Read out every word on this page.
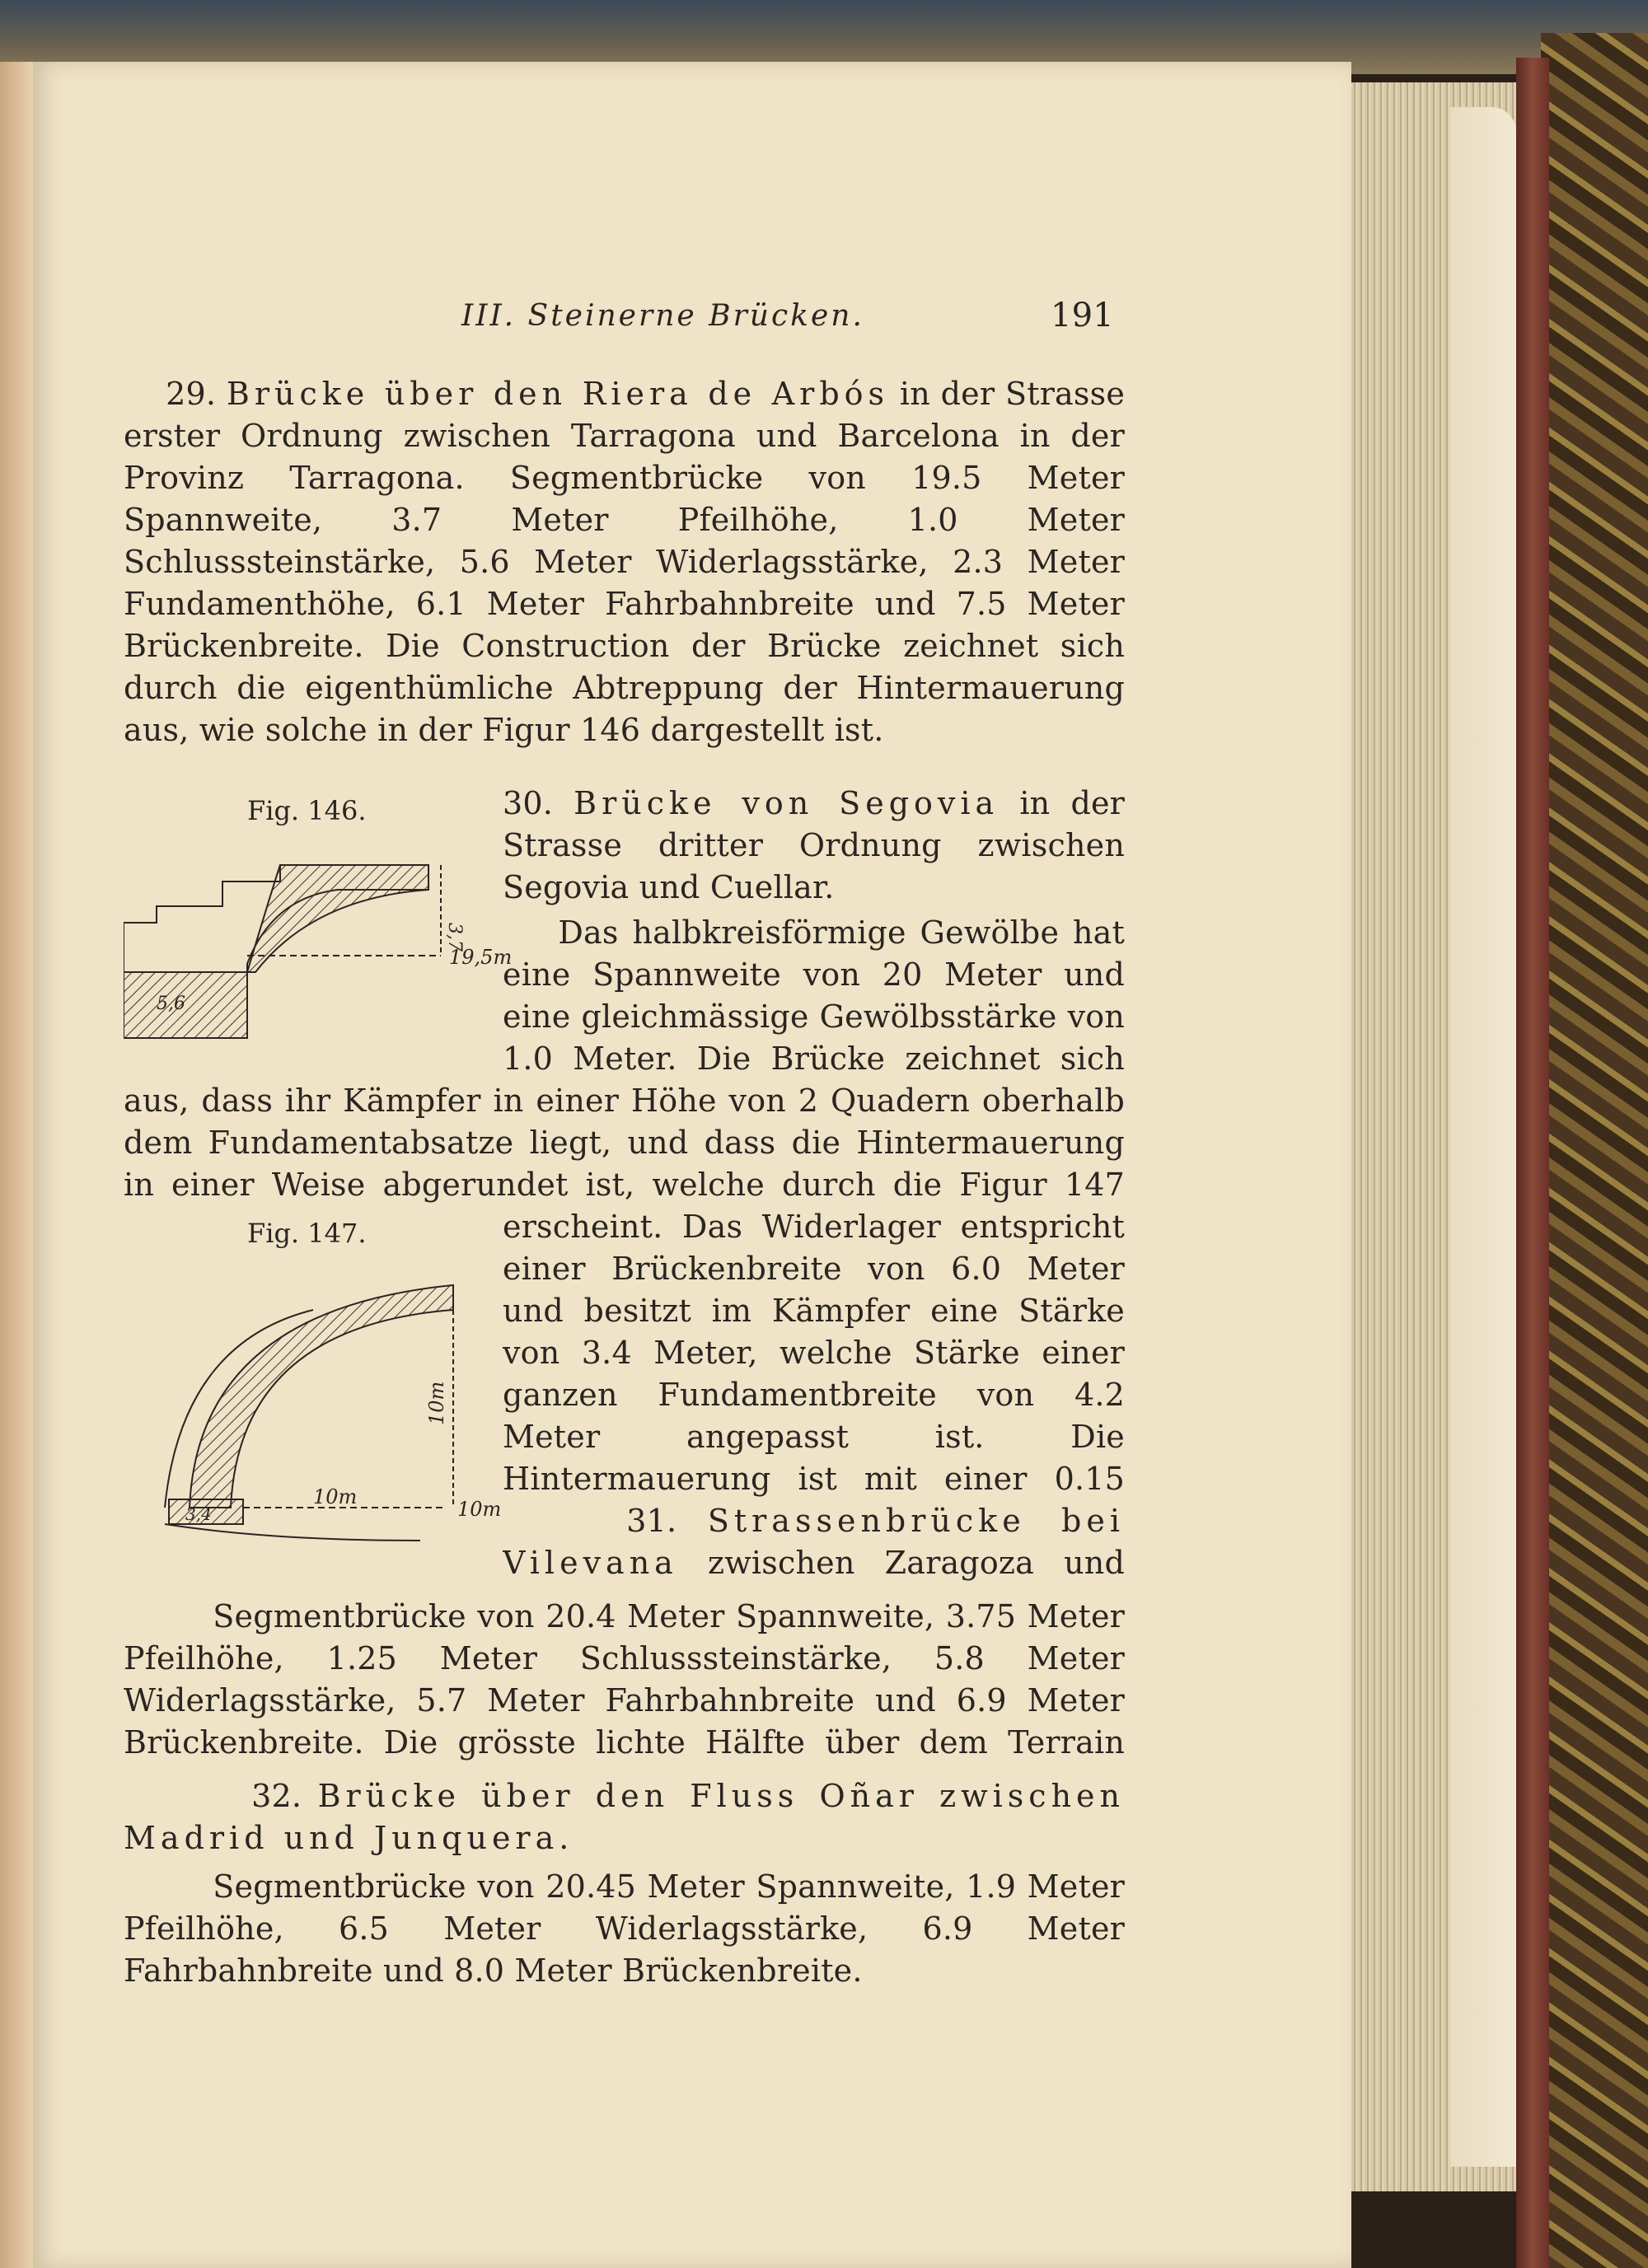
III. Steinerne Brücken.	191

29. Brücke über den Riera de Arbós in der Strasse erster Ordnung zwischen Tarragona und Barcelona in der Provinz Tarragona. Segmentbrücke von 19.5 Meter Spannweite, 3.7 Meter Pfeilhöhe, 1.0 Meter Schlusssteinstärke, 5.6 Meter Widerlagsstärke, 2.3 Meter Fundamenthöhe, 6.1 Meter Fahrbahnbreite und 7.5 Meter Brückenbreite. Die Construction der Brücke zeichnet sich durch die eigenthümliche Abtreppung der Hintermauerung aus, wie solche in der Figur 146 dargestellt ist.

Fig. 146.
3,7
19,5m
5,6

30. Brücke von Segovia in der Strasse dritter Ordnung zwischen Segovia und Cuellar.

Das halbkreisförmige Gewölbe hat eine Spannweite von 20 Meter und eine gleichmässige Gewölbsstärke von 1.0 Meter. Die Brücke zeichnet sich

aus, dass ihr Kämpfer in einer Höhe von 2 Quadern oberhalb dem Fundamentabsatze liegt, und dass die Hintermauerung in einer Weise abgerundet ist, welche durch die Figur 147

Fig. 147.
10m
10m
10m
3,4

erscheint. Das Widerlager entspricht einer Brückenbreite von 6.0 Meter und besitzt im Kämpfer eine Stärke von 3.4 Meter, welche Stärke einer ganzen Fundamentbreite von 4.2 Meter angepasst ist. Die Hintermauerung ist mit einer 0.15

31. Strassenbrücke bei Vilevana zwischen Zaragoza und

Segmentbrücke von 20.4 Meter Spannweite, 3.75 Meter Pfeilhöhe, 1.25 Meter Schlusssteinstärke, 5.8 Meter Widerlagsstärke, 5.7 Meter Fahrbahnbreite und 6.9 Meter Brückenbreite. Die grösste lichte Hälfte über dem Terrain

32. Brücke über den Fluss Oñar zwischen Madrid und Junquera.

Segmentbrücke von 20.45 Meter Spannweite, 1.9 Meter Pfeilhöhe, 6.5 Meter Widerlagsstärke, 6.9 Meter Fahrbahnbreite und 8.0 Meter Brückenbreite.
